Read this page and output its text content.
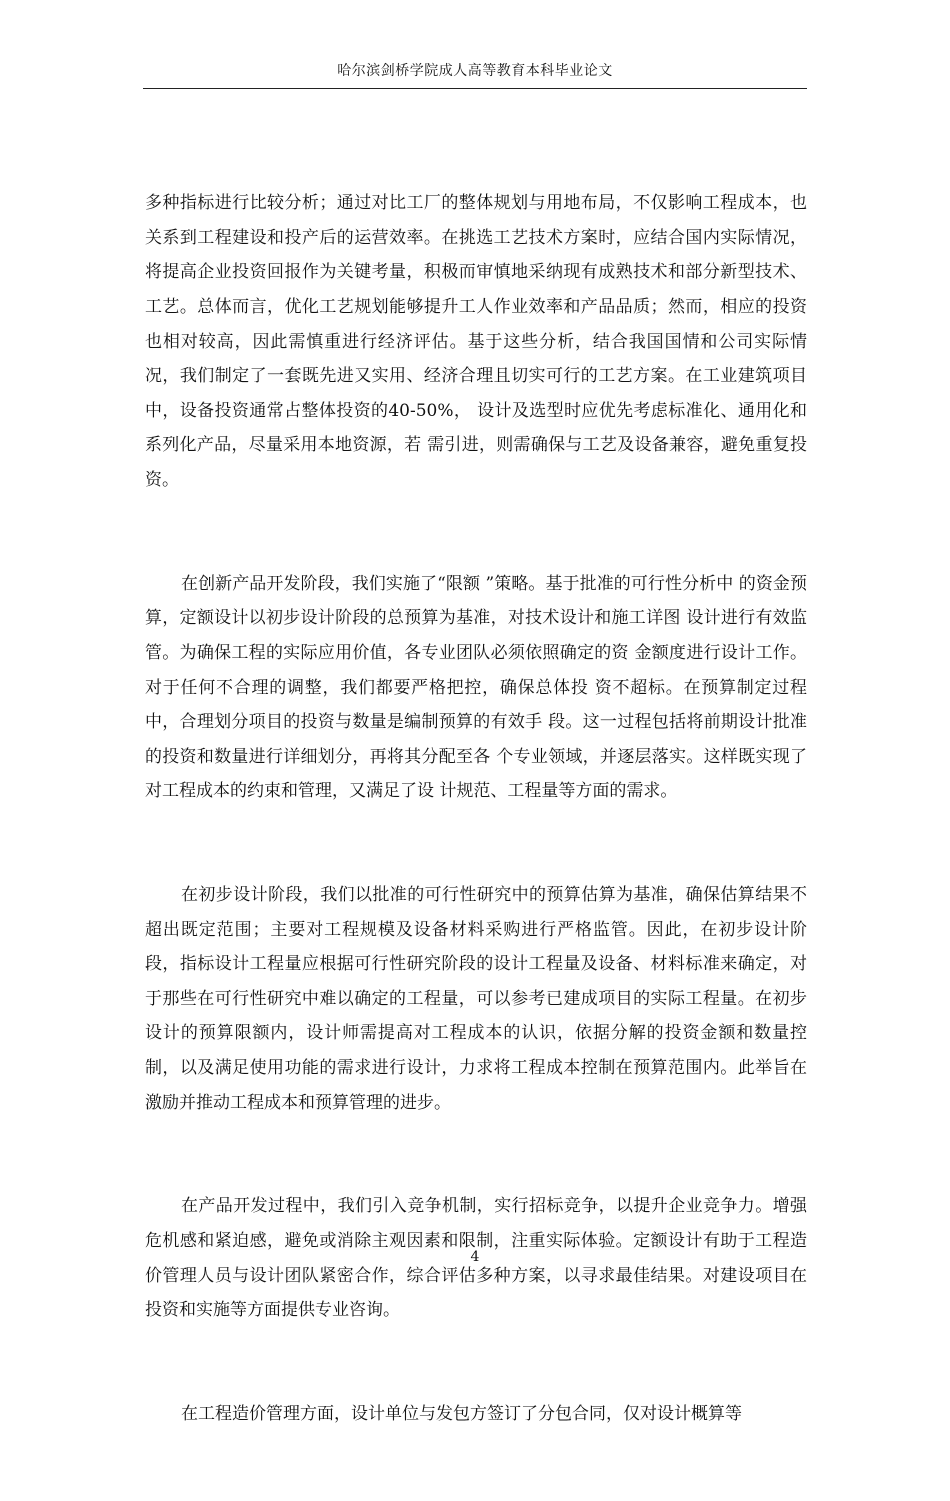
哈尔滨剑桥学院成人高等教育本科毕业论文

多种指标进行比较分析；通过对比工厂的整体规划与用地布局，不仅影响工程成本，也关系到工程建设和投产后的运营效率。在挑选工艺技术方案时，应结合国内实际情况，将提高企业投资回报作为关键考量，积极而审慎地采纳现有成熟技术和部分新型技术、工艺。总体而言，优化工艺规划能够提升工人作业效率和产品品质；然而，相应的投资也相对较高，因此需慎重进行经济评估。基于这些分析，结合我国国情和公司实际情况，我们制定了一套既先进又实用、经济合理且切实可行的工艺方案。在工业建筑项目中，设备投资通常占整体投资的40-50%， 设计及选型时应优先考虑标准化、通用化和系列化产品，尽量采用本地资源，若 需引进，则需确保与工艺及设备兼容，避免重复投资。

在创新产品开发阶段，我们实施了“限额 ”策略。基于批准的可行性分析中 的资金预算，定额设计以初步设计阶段的总预算为基准，对技术设计和施工详图 设计进行有效监管。为确保工程的实际应用价值，各专业团队必须依照确定的资 金额度进行设计工作。对于任何不合理的调整，我们都要严格把控，确保总体投 资不超标。在预算制定过程中，合理划分项目的投资与数量是编制预算的有效手 段。这一过程包括将前期设计批准的投资和数量进行详细划分，再将其分配至各 个专业领域，并逐层落实。这样既实现了对工程成本的约束和管理，又满足了设 计规范、工程量等方面的需求。

在初步设计阶段，我们以批准的可行性研究中的预算估算为基准，确保估算结果不超出既定范围；主要对工程规模及设备材料采购进行严格监管。因此，在初步设计阶段，指标设计工程量应根据可行性研究阶段的设计工程量及设备、材料标准来确定，对于那些在可行性研究中难以确定的工程量，可以参考已建成项目的实际工程量。在初步设计的预算限额内，设计师需提高对工程成本的认识，依据分解的投资金额和数量控制，以及满足使用功能的需求进行设计，力求将工程成本控制在预算范围内。此举旨在激励并推动工程成本和预算管理的进步。

在产品开发过程中，我们引入竞争机制，实行招标竞争，以提升企业竞争力。增强危机感和紧迫感，避免或消除主观因素和限制，注重实际体验。定额设计有助于工程造价管理人员与设计团队紧密合作，综合评估多种方案，以寻求最佳结果。对建设项目在投资和实施等方面提供专业咨询。

在工程造价管理方面，设计单位与发包方签订了分包合同，仅对设计概算等

4
